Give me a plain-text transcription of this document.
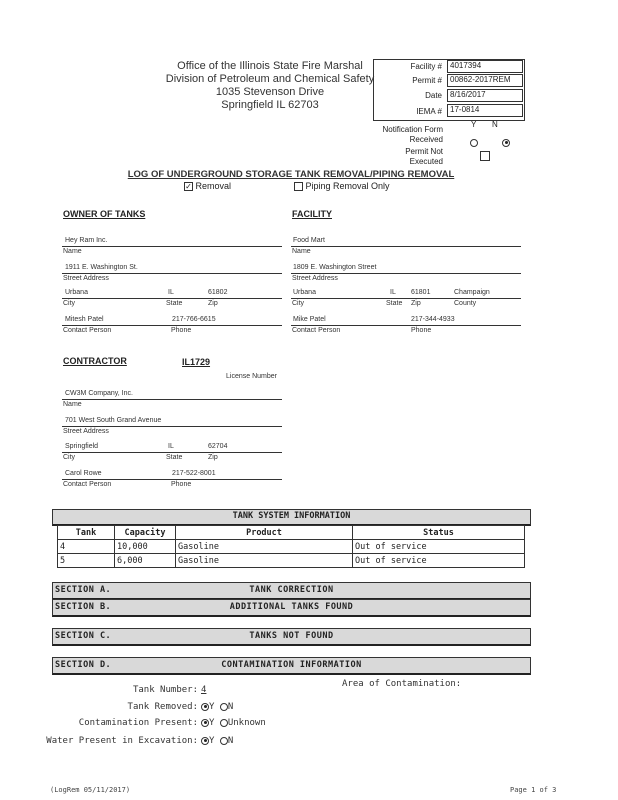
Office of the Illinois State Fire Marshal
Division of Petroleum and Chemical Safety
1035 Stevenson Drive
Springfield IL 62703
Facility #	4017394
Permit #	00862-2017REM
Date	8/16/2017
IEMA #	17-0814
Y N
Notification Form
Received

Permit Not
Executed
LOG OF UNDERGROUND STORAGE TANK REMOVAL/PIPING REMOVAL
✓ Removal	Piping Removal Only
OWNER OF TANKS
Hey Ram Inc.
Name
1911 E. Washington St.
Street Address
Urbana	IL	61802
City	State	Zip
Mitesh Patel	217-766-6615
Contact Person	Phone
FACILITY
Food Mart
Name
1809 E. Washington Street
Street Address
Urbana	IL 61801	Champaign
City	State Zip	County
Mike Patel	217-344-4933
Contact Person	Phone
CONTRACTOR	IL1729
License Number
CW3M Company, Inc.
Name
701 West South Grand Avenue
Street Address
Springfield	IL	62704
City	State	Zip
Carol Rowe	217-522-8001
Contact Person	Phone
TANK SYSTEM INFORMATION
Tank	Capacity	Product	Status
4	10,000	Gasoline	Out of service
5	6,000	Gasoline	Out of service
SECTION A.	TANK CORRECTION
SECTION B.	ADDITIONAL TANKS FOUND
SECTION C.	TANKS NOT FOUND
SECTION D.	CONTAMINATION INFORMATION
Tank Number: 4
Area of Contamination:
Tank Removed:	Y N
Contamination Present:	Y Unknown
Water Present in Excavation:	Y N
(LogRem 05/11/2017)	Page 1 of 3
